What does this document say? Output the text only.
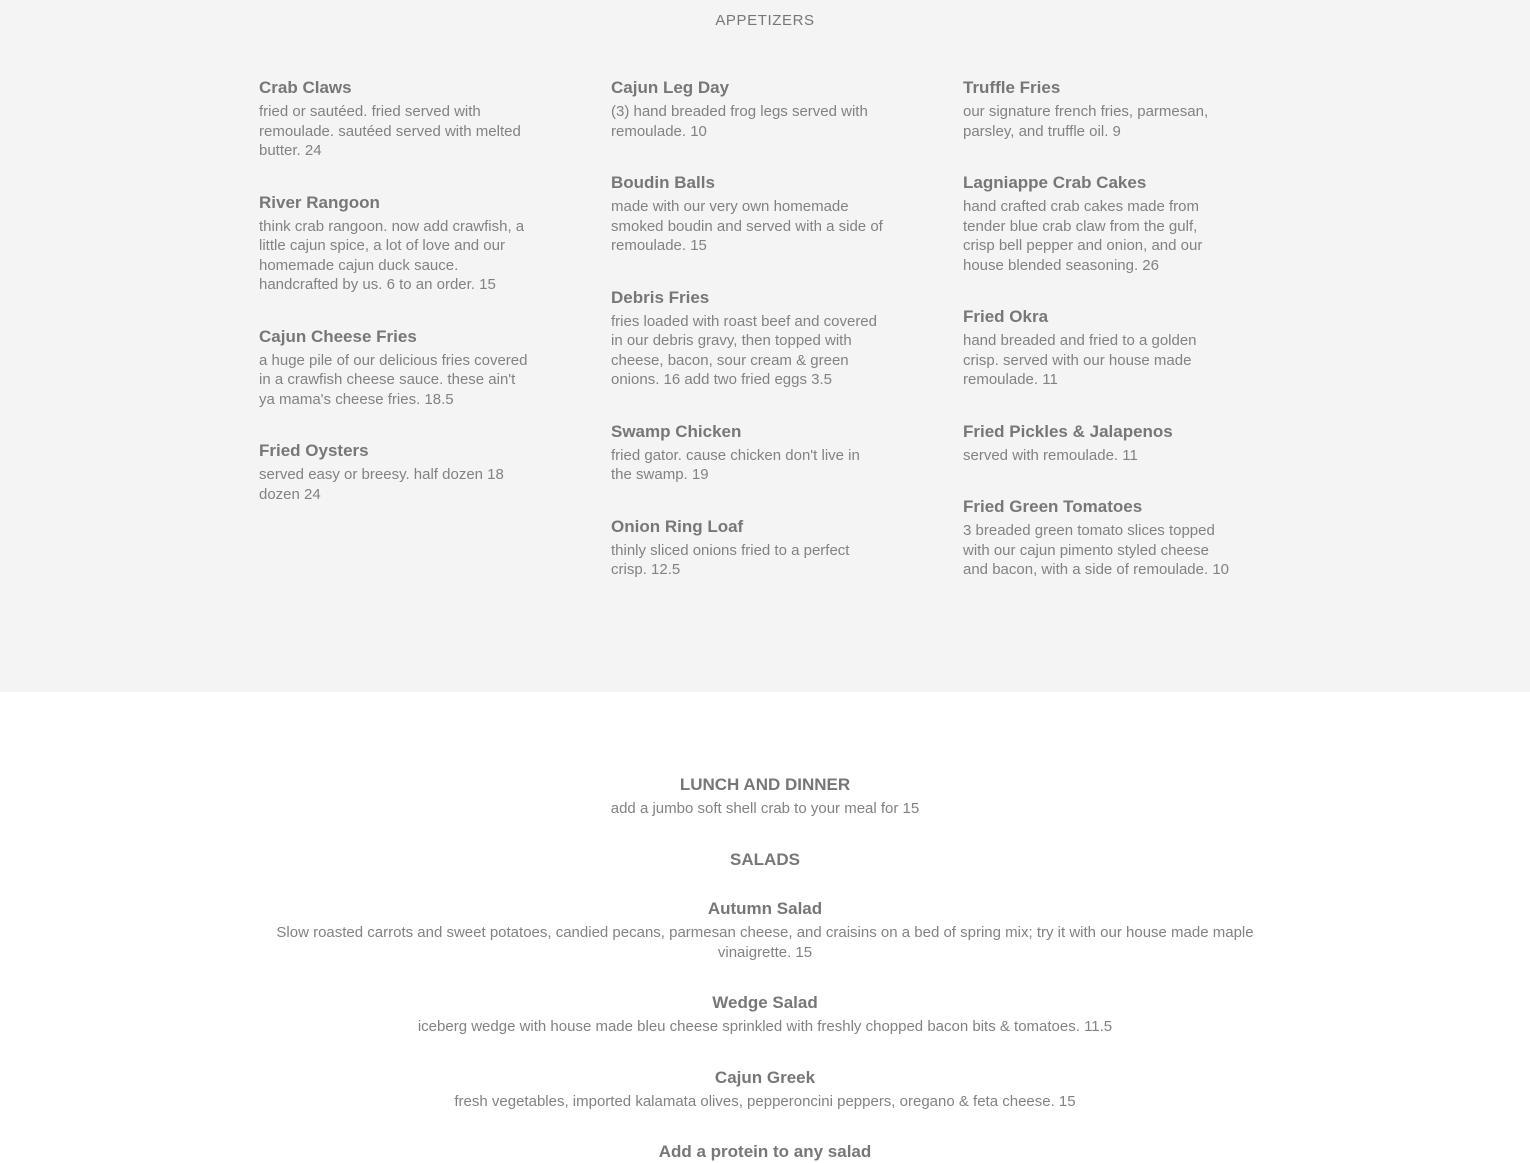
APPETIZERS
Crab Claws
fried or sautéed. fried served with remoulade. sautéed served with melted butter. 24
River Rangoon
think crab rangoon. now add crawfish, a little cajun spice, a lot of love and our homemade cajun duck sauce. handcrafted by us. 6 to an order. 15
Cajun Cheese Fries
a huge pile of our delicious fries covered in a crawfish cheese sauce. these ain't ya mama's cheese fries. 18.5
Fried Oysters
served easy or breesy. half dozen 18 dozen 24
Cajun Leg Day
(3) hand breaded frog legs served with remoulade. 10
Boudin Balls
made with our very own homemade smoked boudin and served with a side of remoulade. 15
Debris Fries
fries loaded with roast beef and covered in our debris gravy, then topped with cheese, bacon, sour cream & green onions. 16 add two fried eggs 3.5
Swamp Chicken
fried gator. cause chicken don't live in the swamp. 19
Onion Ring Loaf
thinly sliced onions fried to a perfect crisp. 12.5
Truffle Fries
our signature french fries, parmesan, parsley, and truffle oil. 9
Lagniappe Crab Cakes
hand crafted crab cakes made from tender blue crab claw from the gulf, crisp bell pepper and onion, and our house blended seasoning. 26
Fried Okra
hand breaded and fried to a golden crisp. served with our house made remoulade. 11
Fried Pickles & Jalapenos
served with remoulade. 11
Fried Green Tomatoes
3 breaded green tomato slices topped with our cajun pimento styled cheese and bacon, with a side of remoulade. 10
LUNCH AND DINNER
add a jumbo soft shell crab to your meal for 15
SALADS
Autumn Salad
Slow roasted carrots and sweet potatoes, candied pecans, parmesan cheese, and craisins on a bed of spring mix; try it with our house made maple vinaigrette. 15
Wedge Salad
iceberg wedge with house made bleu cheese sprinkled with freshly chopped bacon bits & tomatoes. 11.5
Cajun Greek
fresh vegetables, imported kalamata olives, pepperoncini peppers, oregano & feta cheese. 15
Add a protein to any salad
